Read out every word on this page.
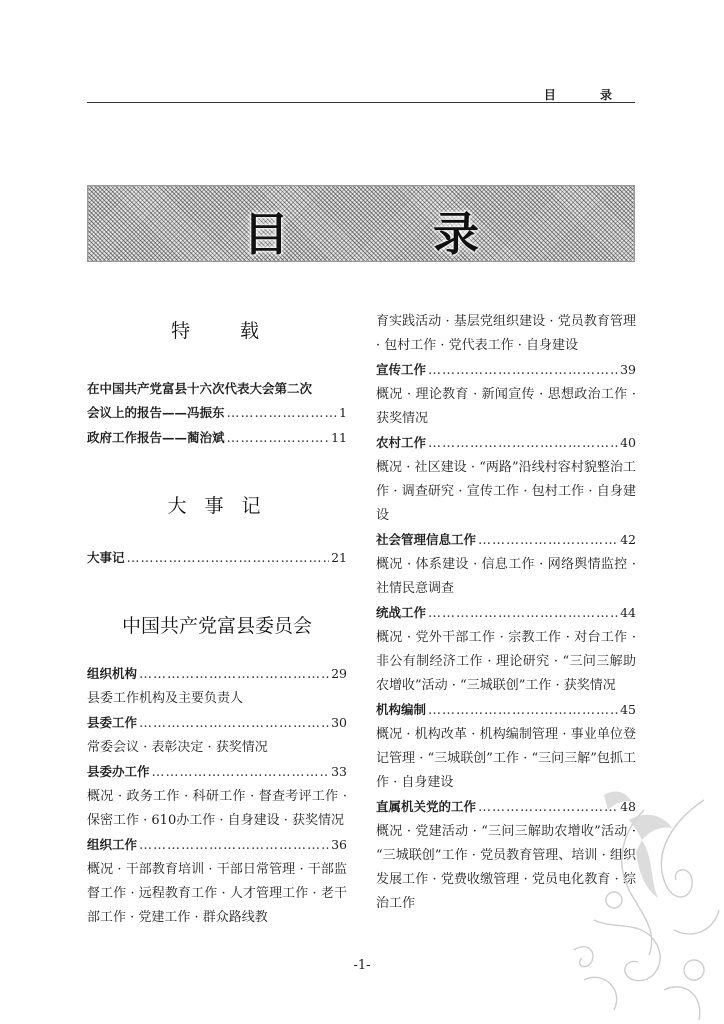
目 录
目 录
特　　载
在中国共产党富县十六次代表大会第二次
会议上的报告——冯振东 ……………………………………………………………………………………………………	1
政府工作报告——蔺治斌 ……………………………………………………………………………………………………	11
大 事 记
大事记 ……………………………………………………………………………………………………	21
中国共产党富县委员会
组织机构 ……………………………………………………………………………………………………	29
县委工作机构及主要负责人
县委工作 ……………………………………………………………………………………………………	30
常委会议 · 表彰决定 · 获奖情况
县委办工作 ……………………………………………………………………………………………………	33
概况 · 政务工作 · 科研工作 · 督查考评工作 · 保密工作 · 610办工作 · 自身建设 · 获奖情况
组织工作 ……………………………………………………………………………………………………	36
概况 · 干部教育培训 · 干部日常管理 · 干部监督工作 · 远程教育工作 · 人才管理工作 · 老干部工作 · 党建工作 · 群众路线教
育实践活动 · 基层党组织建设 · 党员教育管理 · 包村工作 · 党代表工作 · 自身建设
宣传工作 ……………………………………………………………………………………………………	39
概况 · 理论教育 · 新闻宣传 · 思想政治工作 · 获奖情况
农村工作 ……………………………………………………………………………………………………	40
概况 · 社区建设 · “两路”沿线村容村貌整治工作 · 调查研究 · 宣传工作 · 包村工作 · 自身建设
社会管理信息工作 ……………………………………………………………………………………………………	42
概况 · 体系建设 · 信息工作 · 网络舆情监控 · 社情民意调查
统战工作 ……………………………………………………………………………………………………	44
概况 · 党外干部工作 · 宗教工作 · 对台工作 · 非公有制经济工作 · 理论研究 · “三问三解助农增收”活动 · “三城联创”工作 · 获奖情况
机构编制 ……………………………………………………………………………………………………	45
概况 · 机构改革 · 机构编制管理 · 事业单位登记管理 · “三城联创”工作 · “三问三解”包抓工作 · 自身建设
直属机关党的工作 ……………………………………………………………………………………………………	48
概况 · 党建活动 · “三问三解助农增收”活动 · “三城联创”工作 · 党员教育管理、培训 · 组织发展工作 · 党费收缴管理 · 党员电化教育 · 综治工作
-1-
